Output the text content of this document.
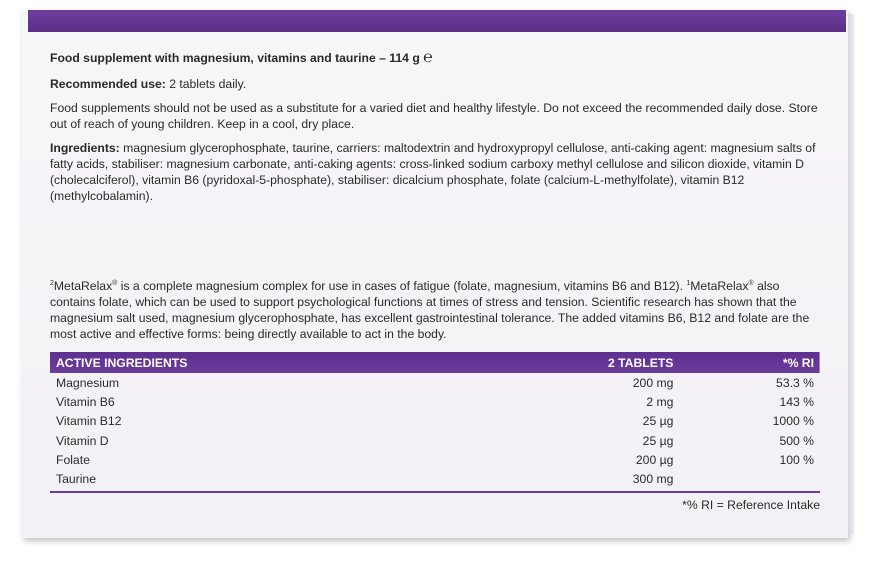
Food supplement with magnesium, vitamins and taurine – 114 g ℮

Recommended use: 2 tablets daily.

Food supplements should not be used as a substitute for a varied diet and healthy lifestyle. Do not exceed the recommended daily dose. Store out of reach of young children. Keep in a cool, dry place.

Ingredients: magnesium glycerophosphate, taurine, carriers: maltodextrin and hydroxypropyl cellulose, anti-caking agent: magnesium salts of fatty acids, stabiliser: magnesium carbonate, anti-caking agents: cross-linked sodium carboxy methyl cellulose and silicon dioxide, vitamin D (cholecalciferol), vitamin B6 (pyridoxal-5-phosphate), stabiliser: dicalcium phosphate, folate (calcium-L-methylfolate), vitamin B12 (methylcobalamin).

$^2$MetaRelax® is a complete magnesium complex for use in cases of fatigue (folate, magnesium, vitamins B6 and B12). $^1$MetaRelax® also contains folate, which can be used to support psychological functions at times of stress and tension. Scientific research has shown that the magnesium salt used, magnesium glycerophosphate, has excellent gastrointestinal tolerance. The added vitamins B6, B12 and folate are the most active and effective forms: being directly available to act in the body.
ACTIVE INGREDIENTS	2 TABLETS	*% RI
Magnesium	200 mg	53.3 %
Vitamin B6	2 mg	143 %
Vitamin B12	25 µg	1000 %
Vitamin D	25 µg	500 %
Folate	200 µg	100 %
Taurine	300 mg	
*% RI = Reference Intake
